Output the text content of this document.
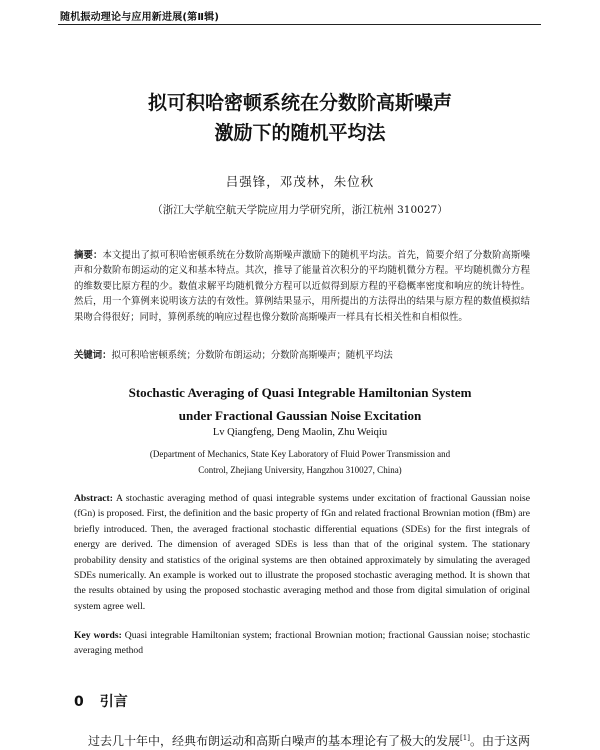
随机振动理论与应用新进展(第Ⅱ辑)
拟可积哈密顿系统在分数阶高斯噪声
激励下的随机平均法
吕强锋，邓茂林，朱位秋
（浙江大学航空航天学院应用力学研究所，浙江杭州 310027）
摘要：本文提出了拟可积哈密顿系统在分数阶高斯噪声激励下的随机平均法。首先，简要介绍了分数阶高斯噪声和分数阶布朗运动的定义和基本特点。其次，推导了能量首次积分的平均随机微分方程。平均随机微分方程的维数要比原方程的少。数值求解平均随机微分方程可以近似得到原方程的平稳概率密度和响应的统计特性。然后，用一个算例来说明该方法的有效性。算例结果显示，用所提出的方法得出的结果与原方程的数值模拟结果吻合得很好；同时，算例系统的响应过程也像分数阶高斯噪声一样具有长相关性和自相似性。
关键词：拟可积哈密顿系统；分数阶布朗运动；分数阶高斯噪声；随机平均法
Stochastic Averaging of Quasi Integrable Hamiltonian System
under Fractional Gaussian Noise Excitation
Lv Qiangfeng, Deng Maolin, Zhu Weiqiu
(Department of Mechanics, State Key Laboratory of Fluid Power Transmission and
Control, Zhejiang University, Hangzhou 310027, China)
Abstract: A stochastic averaging method of quasi integrable systems under excitation of fractional Gaussian noise (fGn) is proposed. First, the definition and the basic property of fGn and related fractional Brownian motion (fBm) are briefly introduced. Then, the averaged fractional stochastic differential equations (SDEs) for the first integrals of energy are derived. The dimension of averaged SDEs is less than that of the original system. The stationary probability density and statistics of the original systems are then obtained approximately by simulating the averaged SDEs numerically. An example is worked out to illustrate the proposed stochastic averaging method. It is shown that the results obtained by using the proposed stochastic averaging method and those from digital simulation of original system agree well.
Key words: Quasi integrable Hamiltonian system; fractional Brownian motion; fractional Gaussian noise; stochastic averaging method
0 引言
过去几十年中，经典布朗运动和高斯白噪声的基本理论有了极大的发展[1]。由于这两
